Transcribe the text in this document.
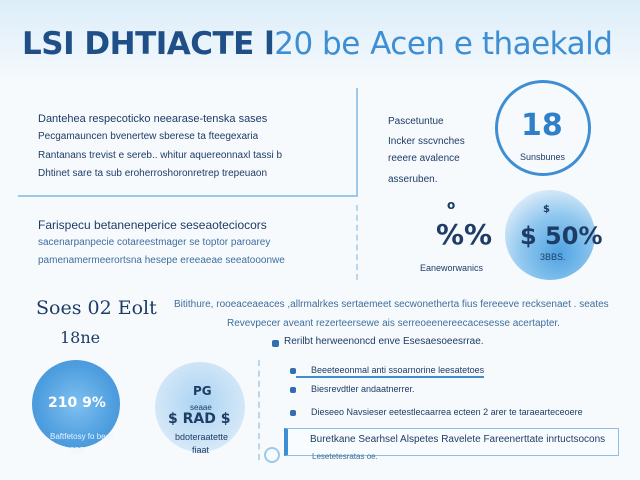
LSI DHTIACTE l20 be Acen e thaekald
Dantehea respecoticko neearase-tenska sases
Pecgamauncen bvenertew sberese ta fteegexaria
Rantanans trevist e sereb.. whitur aquereonnaxl tassi b
Dhtinet sare ta sub eroherroshoronretrep trepeuaon
Farispecu betaneneperice seseaoteciocors
sacenarpanpecie cotareestmager se toptor paroarey
pamenamermeerortsna hesepe ereeaeae seeatooonwe
Pascetuntue
Incker sscvnches
reeere avalence
asseruben.
18
Sunsbunes
o
%%
Eaneworwanics
$
$ 50%
3BBS.
Soes 02 Eolt
18ne
210 9%
Baftfetosy fo beas
3BB
PG
seaae
$ RAD $
bdoteraatette
fiaat
Bitithure, rooeaceaeaces ,allrmalrkes sertaemeet secwonetherta fius fereeeve recksenaet . seates
Revevpecer aveant rezerteersewe ais serreoeenereecacesesse acertapter.
Rerilbt herweenoncd enve Esesaesoeesrrae.
Beeeteeonmal anti ssoarnorine leesatetoes
Biesrevdtler andaatnerrer.
Dieseeo Navsieser eetestlecaarrea ecteen 2 arer te taraearteceoere
Buretkane Searhsel Alspetes Ravelete Fareenerttate inrtuctsocons
Lesetetesratas oe.
